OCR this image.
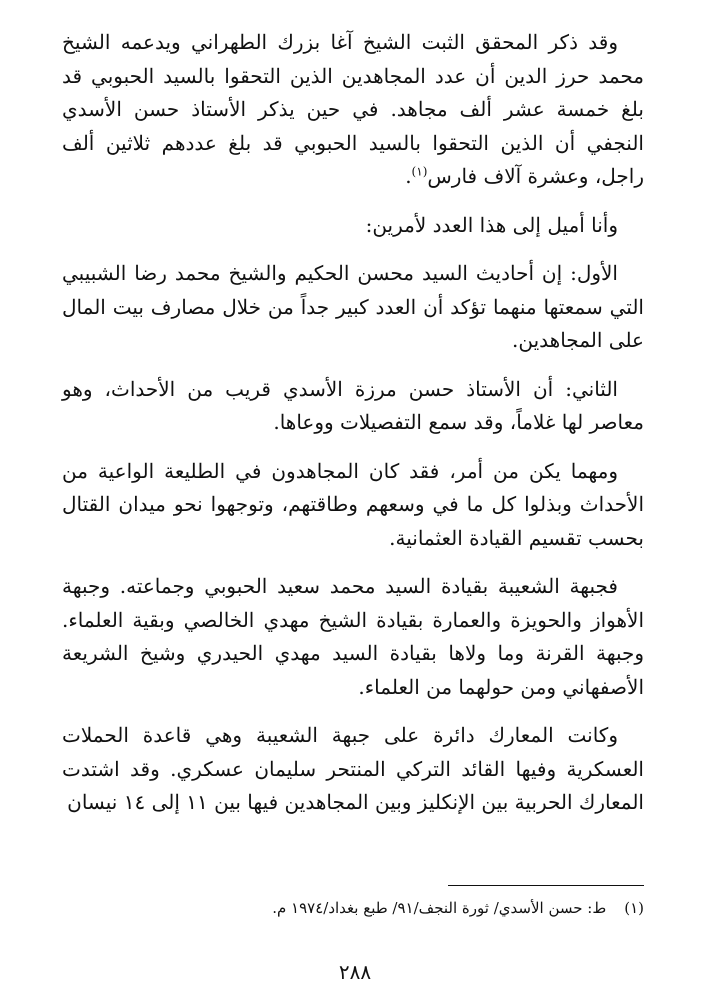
وقد ذكر المحقق الثبت الشيخ آغا بزرك الطهراني ويدعمه الشيخ محمد حرز الدين أن عدد المجاهدين الذين التحقوا بالسيد الحبوبي قد بلغ خمسة عشر ألف مجاهد. في حين يذكر الأستاذ حسن الأسدي النجفي أن الذين التحقوا بالسيد الحبوبي قد بلغ عددهم ثلاثين ألف راجل، وعشرة آلاف فارس$^{(١)}$.

وأنا أميل إلى هذا العدد لأمرين:

الأول: إن أحاديث السيد محسن الحكيم والشيخ محمد رضا الشبيبي التي سمعتها منهما تؤكد أن العدد كبير جداً من خلال مصارف بيت المال على المجاهدين.

الثاني: أن الأستاذ حسن مرزة الأسدي قريب من الأحداث، وهو معاصر لها غلاماً، وقد سمع التفصيلات ووعاها.

ومهما يكن من أمر، فقد كان المجاهدون في الطليعة الواعية من الأحداث وبذلوا كل ما في وسعهم وطاقتهم، وتوجهوا نحو ميدان القتال بحسب تقسيم القيادة العثمانية.

فجبهة الشعيبة بقيادة السيد محمد سعيد الحبوبي وجماعته. وجبهة الأهواز والحويزة والعمارة بقيادة الشيخ مهدي الخالصي وبقية العلماء. وجبهة القرنة وما ولاها بقيادة السيد مهدي الحيدري وشيخ الشريعة الأصفهاني ومن حولهما من العلماء.

وكانت المعارك دائرة على جبهة الشعيبة وهي قاعدة الحملات العسكرية وفيها القائد التركي المنتحر سليمان عسكري. وقد اشتدت المعارك الحربية بين الإنكليز وبين المجاهدين فيها بين ١١ إلى ١٤ نيسان

(١)ط: حسن الأسدي/ ثورة النجف/٩١/ طبع بغداد/١٩٧٤ م.
٢٨٨
